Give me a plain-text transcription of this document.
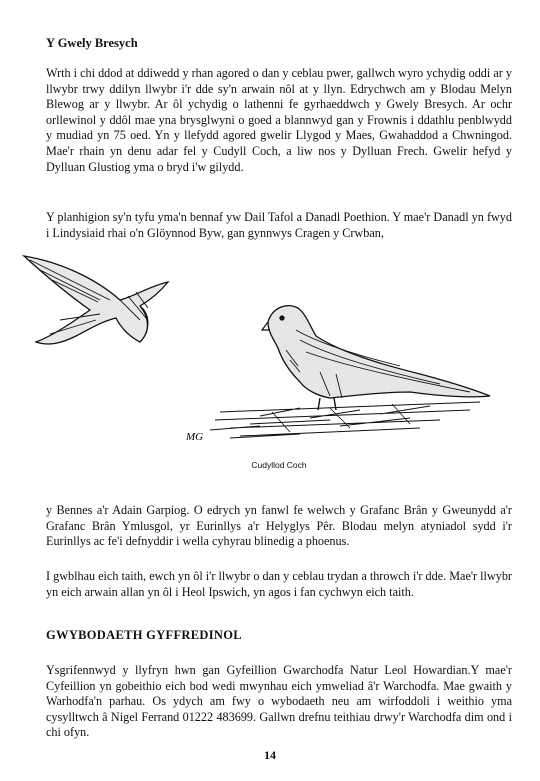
Y Gwely Bresych

Wrth i chi ddod at ddiwedd y rhan agored o dan y ceblau pwer, gallwch wyro ychydig oddi ar y llwybr trwy ddilyn llwybr i'r dde sy'n arwain nôl at y llyn. Edrychwch am y Blodau Melyn Blewog ar y llwybr. Ar ôl ychydig o lathenni fe gyrhaeddwch y Gwely Bresych. Ar ochr orllewinol y ddôl mae yna brysglwyni o goed a blannwyd gan y Frownis i ddathlu penblwydd y mudiad yn 75 oed. Yn y llefydd agored gwelir Llygod y Maes, Gwahaddod a Chwningod. Mae'r rhain yn denu adar fel y Cudyll Coch, a liw nos y Dylluan Frech. Gwelir hefyd y Dylluan Glustiog yma o bryd i'w gilydd.

Y planhigion sy'n tyfu yma'n bennaf yw Dail Tafol a Danadl Poethion. Y mae'r Danadl yn fwyd i Lindysiaid rhai o'n Glöynnod Byw, gan gynnwys Cragen y Crwban,

MG

Cudyllod Coch

y Bennes a'r Adain Garpiog. O edrych yn fanwl fe welwch y Grafanc Brân y Gweunydd a'r Grafanc Brân Ymlusgol, yr Eurinllys a'r Helyglys Pêr. Blodau melyn atyniadol sydd i'r Eurinllys ac fe'i defnyddir i wella cyhyrau blinedig a phoenus.

I gwblhau eich taith, ewch yn ôl i'r llwybr o dan y ceblau trydan a throwch i'r dde. Mae'r llwybr yn eich arwain allan yn ôl i Heol Ipswich, yn agos i fan cychwyn eich taith.

GWYBODAETH GYFFREDINOL

Ysgrifennwyd y llyfryn hwn gan Gyfeillion Gwarchodfa Natur Leol Howardian.Y mae'r Cyfeillion yn gobeithio eich bod wedi mwynhau eich ymweliad â'r Warchodfa. Mae gwaith y Warhodfa'n parhau. Os ydych am fwy o wybodaeth neu am wirfoddoli i weithio yma cysylltwch â Nigel Ferrand 01222 483699. Gallwn drefnu teithiau drwy'r Warchodfa dim ond i chi ofyn.

14
